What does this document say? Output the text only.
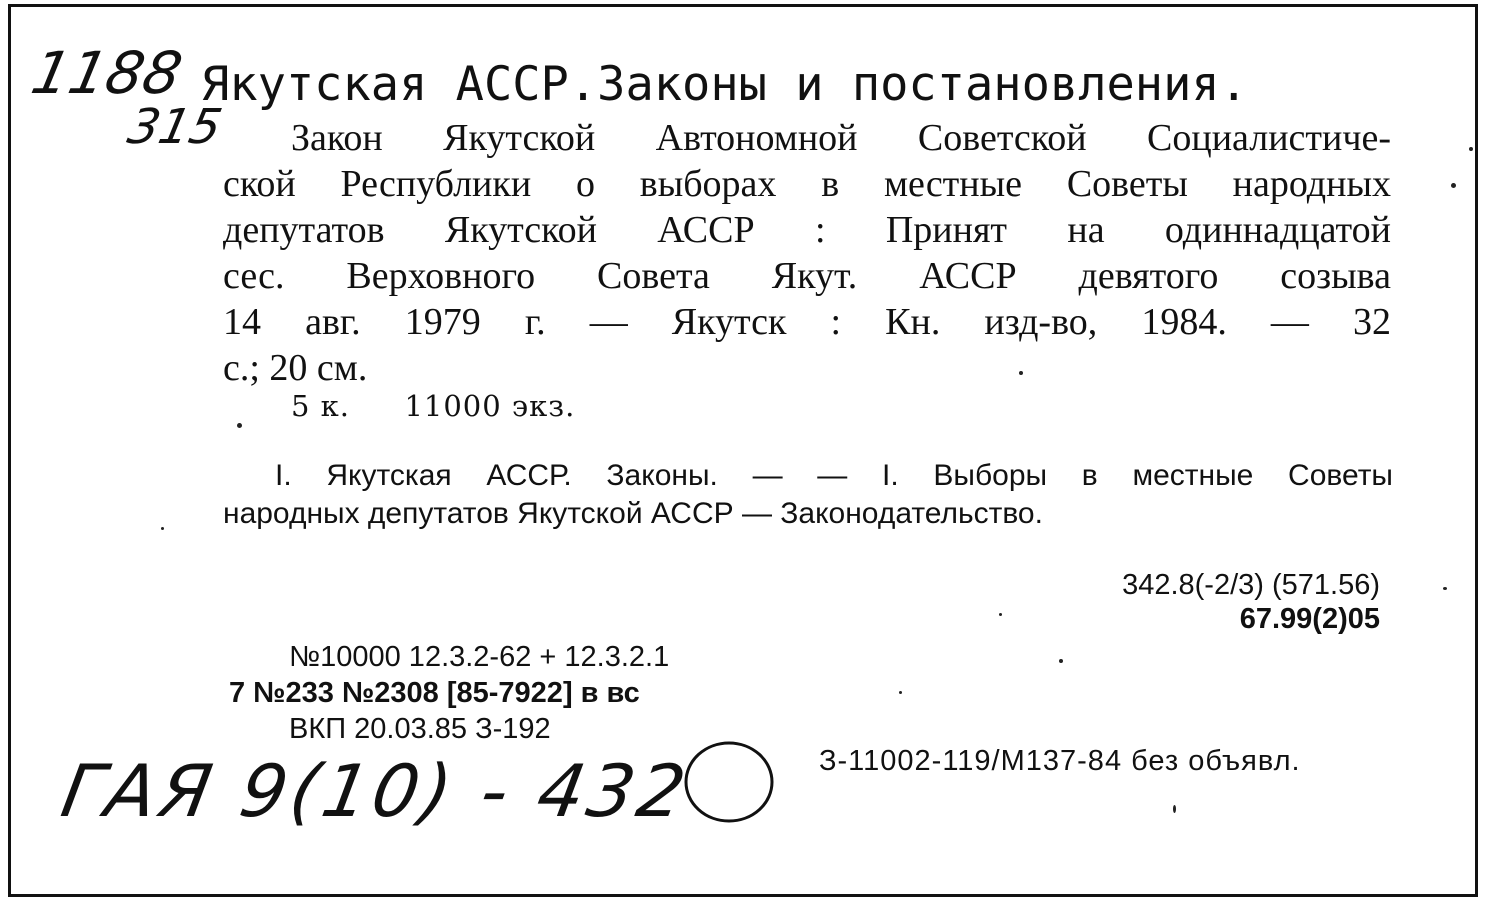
1188
315
Якутская АССР.Законы и постановления.
Закон Якутской Автономной Советской Социалистиче-
ской Республики о выборах в местные Советы народных
депутатов Якутской АССР : Принят на одиннадцатой
сес. Верховного Совета Якут. АССР девятого созыва
14 авг. 1979 г. — Якутск : Кн. изд-во, 1984. — 32
с.; 20 см.
5 к. 11000 экз.
I. Якутская АССР. Законы. — — I. Выборы в местные Советы
народных депутатов Якутской АССР — Законодательство.
342.8(-2/3) (571.56)
67.99(2)05
№10000 12.3.2-62 + 12.3.2.1
7 №233 №2308 [85-7922] в вс
ВКП 20.03.85 З-192
З-11002-119/М137-84 без объявл.
ГАЯ 9(10) - 432
